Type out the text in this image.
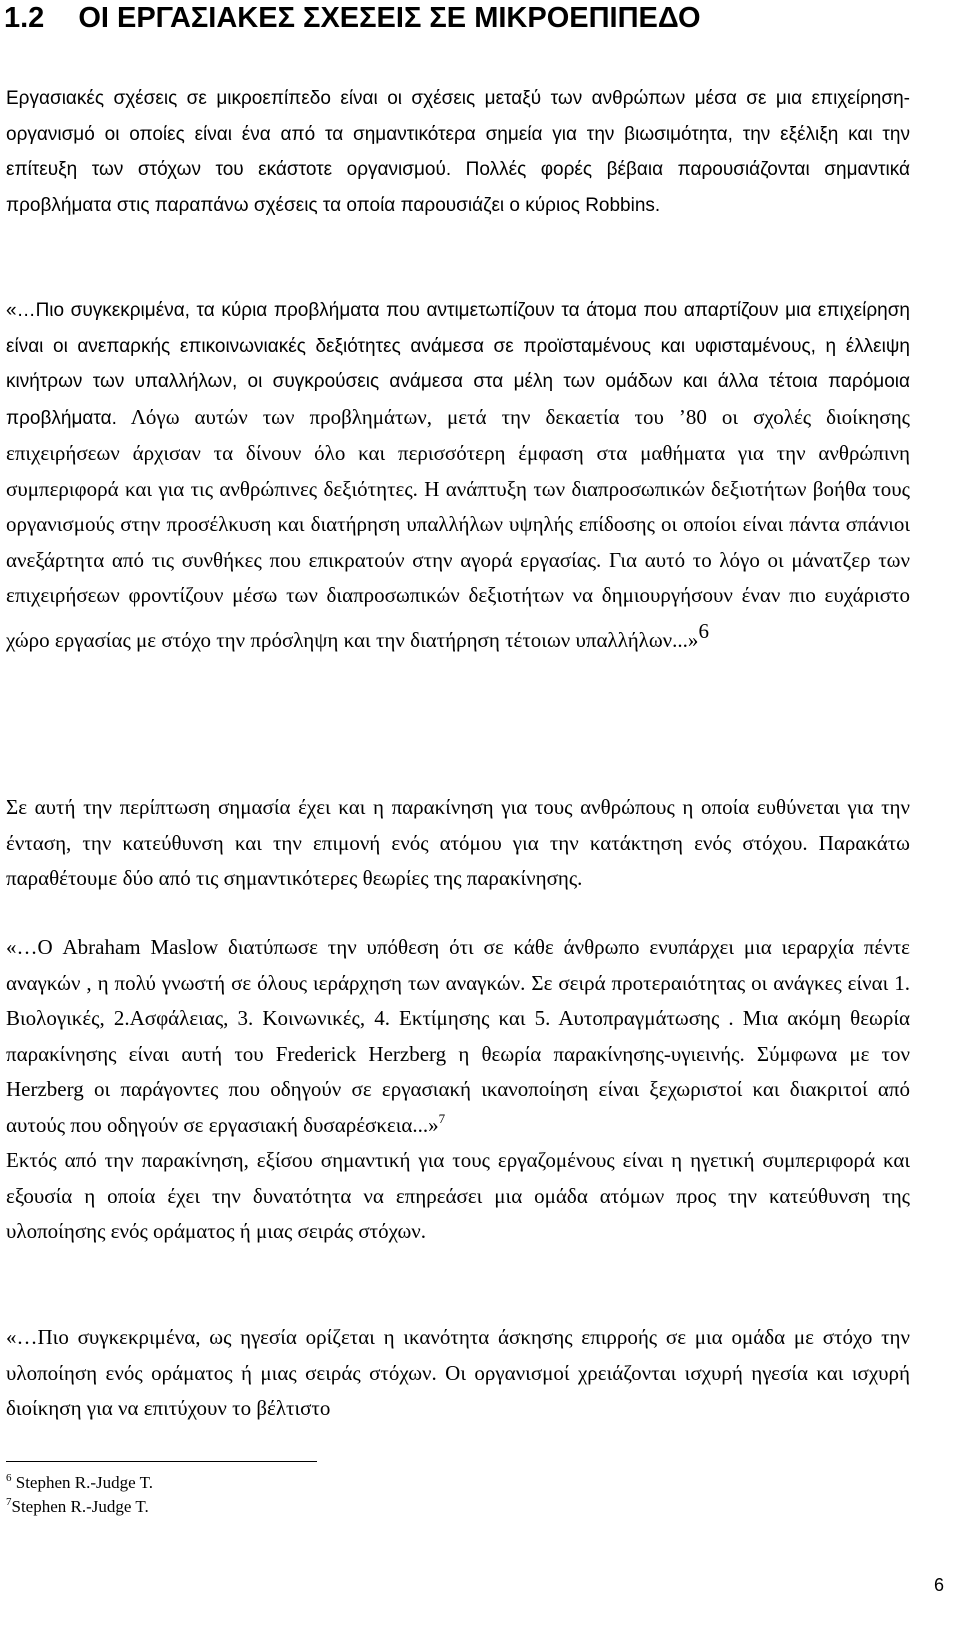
1.2 ΟΙ ΕΡΓΑΣΙΑΚΕΣ ΣΧΕΣΕΙΣ ΣΕ ΜΙΚΡΟΕΠΙΠΕΔΟ

Εργασιακές σχέσεις σε μικροεπίπεδο είναι οι σχέσεις μεταξύ των ανθρώπων μέσα σε μια επιχείρηση-οργανισμό οι οποίες είναι ένα από τα σημαντικότερα σημεία για την βιωσιμότητα, την εξέλιξη και την επίτευξη των στόχων του εκάστοτε οργανισμού. Πολλές φορές βέβαια παρουσιάζονται σημαντικά προβλήματα στις παραπάνω σχέσεις τα οποία παρουσιάζει ο κύριος Robbins.

«…Πιο συγκεκριμένα, τα κύρια προβλήματα που αντιμετωπίζουν τα άτομα που απαρτίζουν μια επιχείρηση είναι οι ανεπαρκής επικοινωνιακές δεξιότητες ανάμεσα σε προϊσταμένους και υφισταμένους, η έλλειψη κινήτρων των υπαλλήλων, οι συγκρούσεις ανάμεσα στα μέλη των ομάδων και άλλα τέτοια παρόμοια προβλήματα. Λόγω αυτών των προβλημάτων, μετά την δεκαετία του ’80 οι σχολές διοίκησης επιχειρήσεων άρχισαν τα δίνουν όλο και περισσότερη έμφαση στα μαθήματα για την ανθρώπινη συμπεριφορά και για τις ανθρώπινες δεξιότητες. Η ανάπτυξη των διαπροσωπικών δεξιοτήτων βοήθα τους οργανισμούς στην προσέλκυση και διατήρηση υπαλλήλων υψηλής επίδοσης οι οποίοι είναι πάντα σπάνιοι ανεξάρτητα από τις συνθήκες που επικρατούν στην αγορά εργασίας. Για αυτό το λόγο οι μάνατζερ των επιχειρήσεων φροντίζουν μέσω των διαπροσωπικών δεξιοτήτων να δημιουργήσουν έναν πιο ευχάριστο χώρο εργασίας με στόχο την πρόσληψη και την διατήρηση τέτοιων υπαλλήλων...»$^6$

Σε αυτή την περίπτωση σημασία έχει και η παρακίνηση για τους ανθρώπους η οποία ευθύνεται για την ένταση, την κατεύθυνση και την επιμονή ενός ατόμου για την κατάκτηση ενός στόχου. Παρακάτω παραθέτουμε δύο από τις σημαντικότερες θεωρίες της παρακίνησης.

«…Ο Abraham Maslow διατύπωσε την υπόθεση ότι σε κάθε άνθρωπο ενυπάρχει μια ιεραρχία πέντε αναγκών , η πολύ γνωστή σε όλους ιεράρχηση των αναγκών. Σε σειρά προτεραιότητας οι ανάγκες είναι 1. Βιολογικές, 2.Ασφάλειας, 3. Κοινωνικές, 4. Εκτίμησης και 5. Αυτοπραγμάτωσης . Μια ακόμη θεωρία παρακίνησης είναι αυτή του Frederick Herzberg η θεωρία παρακίνησης-υγιεινής. Σύμφωνα με τον Herzberg οι παράγοντες που οδηγούν σε εργασιακή ικανοποίηση είναι ξεχωριστοί και διακριτοί από αυτούς που οδηγούν σε εργασιακή δυσαρέσκεια...»$^7$

Εκτός από την παρακίνηση, εξίσου σημαντική για τους εργαζομένους είναι η ηγετική συμπεριφορά και εξουσία η οποία έχει την δυνατότητα να επηρεάσει μια ομάδα ατόμων προς την κατεύθυνση της υλοποίησης ενός οράματος ή μιας σειράς στόχων.

«…Πιο συγκεκριμένα, ως ηγεσία ορίζεται η ικανότητα άσκησης επιρροής σε μια ομάδα με στόχο την υλοποίηση ενός οράματος ή μιας σειράς στόχων. Οι οργανισμοί χρειάζονται ισχυρή ηγεσία και ισχυρή διοίκηση για να επιτύχουν το βέλτιστο

$^6$ Stephen R.-Judge T.
$^7$Stephen R.-Judge T.
6
